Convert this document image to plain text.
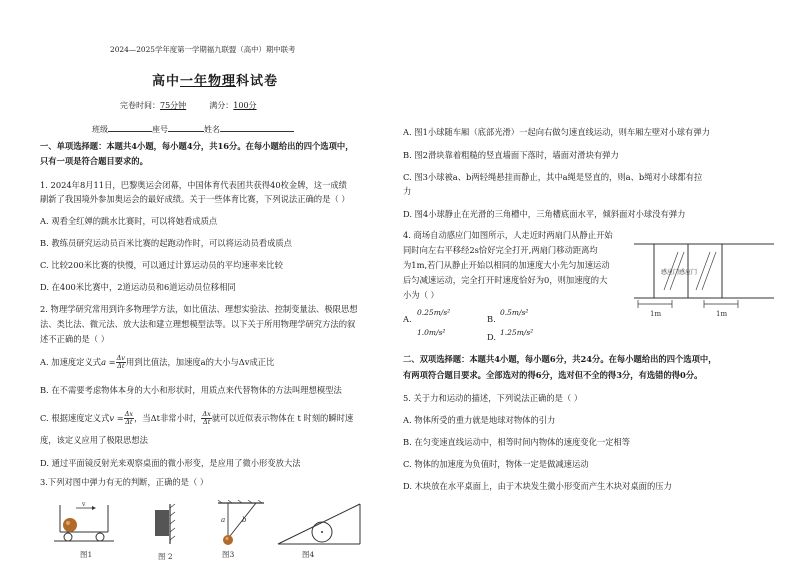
2024—2025学年度第一学期福九联盟（高中）期中联考
高中一年物理科试卷
完卷时间：75分钟	满分：100分
班级	座号	姓名
一、单项选择题：本题共4小题，每小题4分，共16分。在每小题给出的四个选项中，
只有一项是符合题目要求的。
1. 2024年8月11日，巴黎奥运会闭幕，中国体育代表团共获得40枚金牌，这一成绩
刷新了我国境外参加奥运会的最好成绩。关于一些体育比赛，下列说法正确的是（ ）
A. 观看全红婵的跳水比赛时，可以将她看成质点
B. 教练员研究运动员百米比赛的起跑动作时，可以将运动员看成质点
C. 比较200米比赛的快慢，可以通过计算运动员的平均速率来比较
D. 在400米比赛中，2道运动员和6道运动员位移相同
2. 物理学研究常用到许多物理学方法，如比值法、理想实验法、控制变量法、极限思想
法、类比法、微元法、放大法和建立理想模型法等。以下关于所用物理学研究方法的叙
述不正确的是（ ）
A. 加速度定义式$a = \frac{\Delta v}{\Delta t}$ 用到比值法，加速度a的大小与Δv成正比
B. 在不需要考虑物体本身的大小和形状时，用质点来代替物体的方法叫理想模型法
C. 根据速度定义式$v = \frac{\Delta x}{\Delta t}$ ，当Δt非常小时， $\frac{\Delta x}{\Delta t}$ 就可以近似表示物体在 t 时刻的瞬时速
度，该定义应用了极限思想法
D. 通过平面镜反射光来观察桌面的微小形变，是应用了微小形变放大法
3.下列对图中弹力有无的判断，正确的是（ ）
v
图1	图 2
a b
图3	图4
A. 图1小球随车厢（底部光滑）一起向右做匀速直线运动，则车厢左壁对小球有弹力
B. 图2滑块靠着粗糙的竖直墙面下落时，墙面对滑块有弹力
C. 图3小球被a、b两轻绳悬挂而静止，其中a绳是竖直的，则a、b绳对小球都有拉
力
D. 图4小球静止在光滑的三角槽中，三角槽底面水平，倾斜面对小球没有弹力
4. 商场自动感应门如图所示，人走近时两扇门从静止开始
同时向左右平移经2s恰好完全打开,两扇门移动距离均
为1m,若门从静止开始以相同的加速度大小先匀加速运动
后匀减速运动，完全打开时速度恰好为0，则加速度的大
小为（ ）
A.
0.25m/s²
B.
0.5m/s²
1.0m/s²	D. 1.25m/s²
感应门感应门
1m	1m
二、双项选择题：本题共4小题，每小题6分，共24分。在每小题给出的四个选项中，
有两项符合题目要求。全部选对的得6分，选对但不全的得3分，有选错的得0分。
5. 关于力和运动的描述，下列说法正确的是（ ）
A. 物体所受的重力就是地球对物体的引力
B. 在匀变速直线运动中，相等时间内物体的速度变化一定相等
C. 物体的加速度为负值时，物体一定是做减速运动
D. 木块放在水平桌面上，由于木块发生微小形变而产生木块对桌面的压力
